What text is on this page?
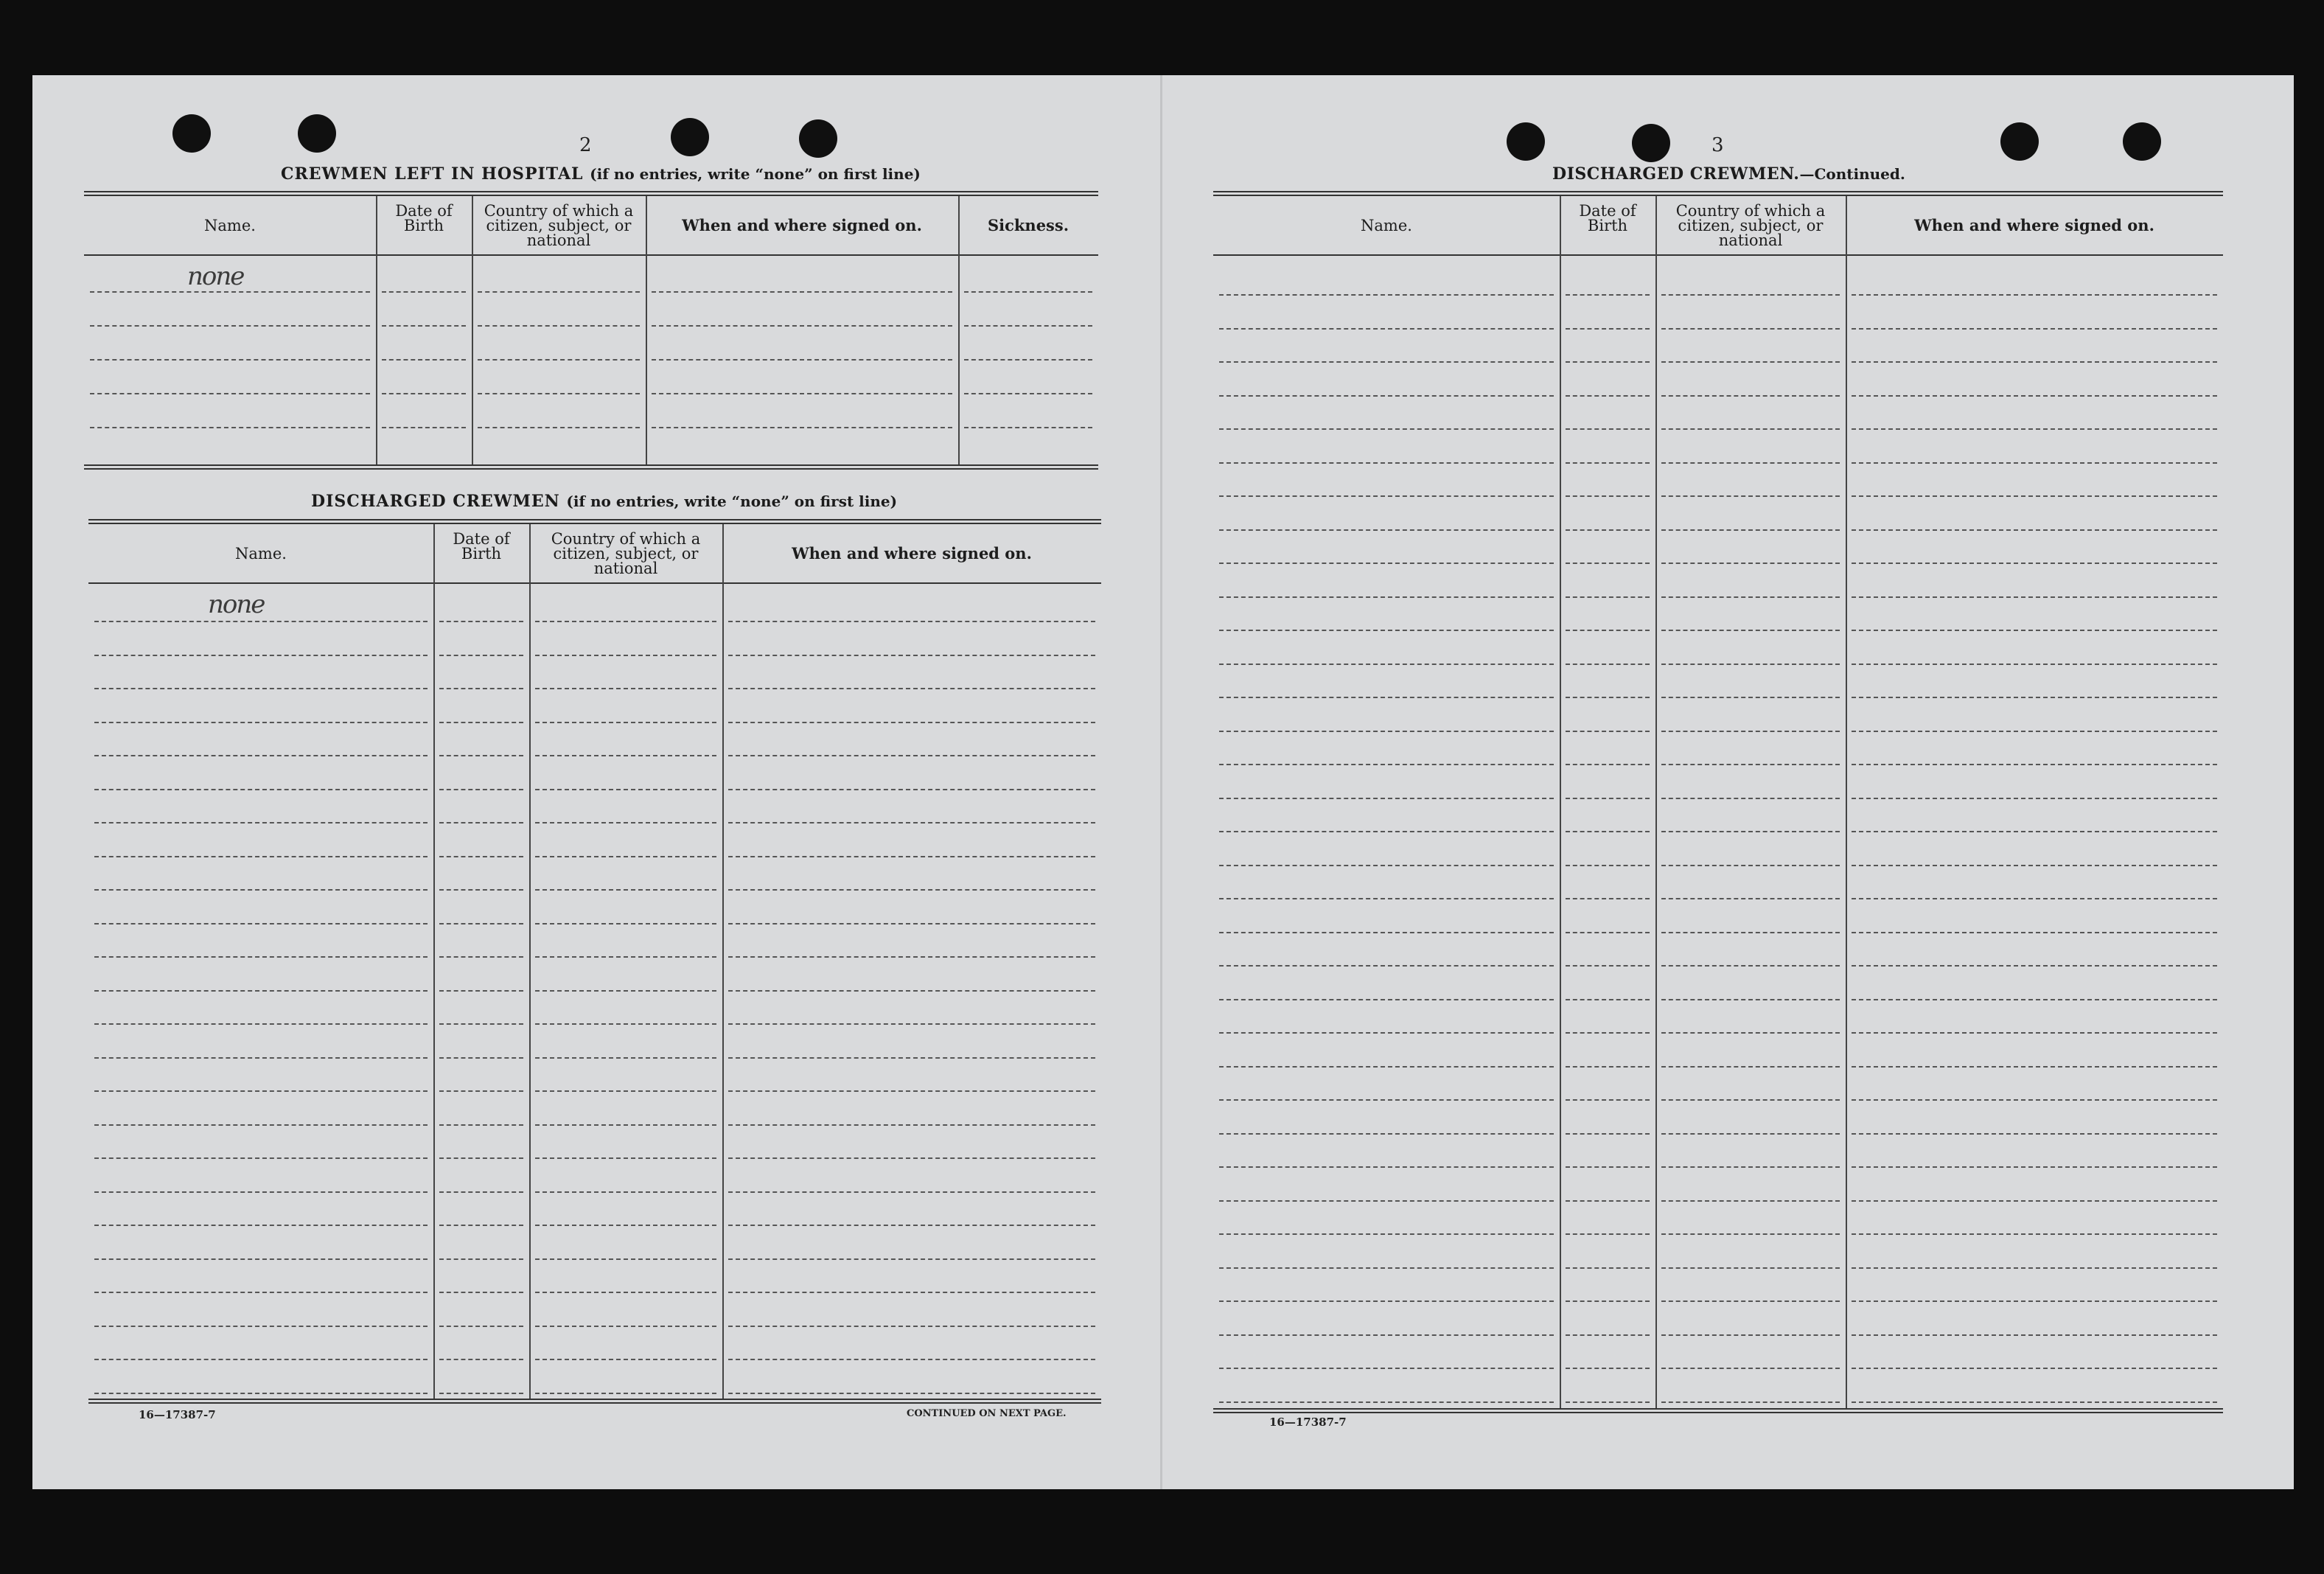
2
CREWMEN LEFT IN HOSPITAL (if no entries, write “none” on first line)
Name.
Date of Birth
Country of which a citizen, subject, or national
When and where signed on.	Sickness.
none
DISCHARGED CREWMEN (if no entries, write “none” on first line)
Name.
Date of Birth
Country of which a citizen, subject, or national
When and where signed on.
none
16—17387-7	CONTINUED ON NEXT PAGE.
3
DISCHARGED CREWMEN.—Continued.
Name.
Date of Birth
Country of which a citizen, subject, or national
When and where signed on.
16—17387-7
